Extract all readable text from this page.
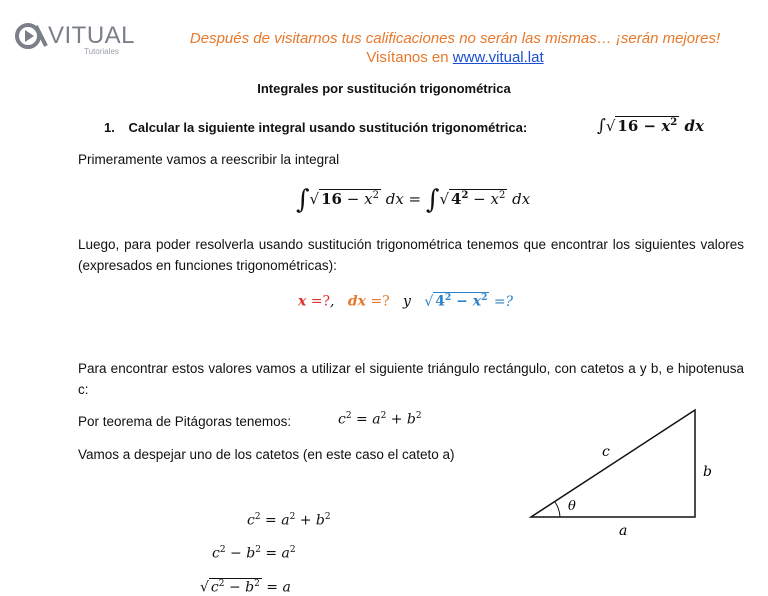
VITUAL
Tutoriales
Después de visitarnos tus calificaciones no serán las mismas… ¡serán mejores!
Visítanos en www.vitual.lat
Integrales por sustitución trigonométrica
1. Calcular la siguiente integral usando sustitución trigonométrica:	∫√ $16 - x^2$ dx
Primeramente vamos a reescribir la integral
∫√ $16 - x^2$ dx = ∫√ $4^2 - x^2$ dx
Luego, para poder resolverla usando sustitución trigonométrica tenemos que encontrar los siguientes valores (expresados en funciones trigonométricas):
x =?,   dx =? y √ $4^2 - x^2$ =?
Para encontrar estos valores vamos a utilizar el siguiente triángulo rectángulo, con catetos a y b, e hipotenusa c:
Por teorema de Pitágoras tenemos:	$c^2 = a^2 + b^2$
Vamos a despejar uno de los catetos (en este caso el cateto a)	c
b
a
θ
$c^2 = a^2 + b^2$
$c^2 - b^2 = a^2$
√ $c^2 - b^2 = a$
